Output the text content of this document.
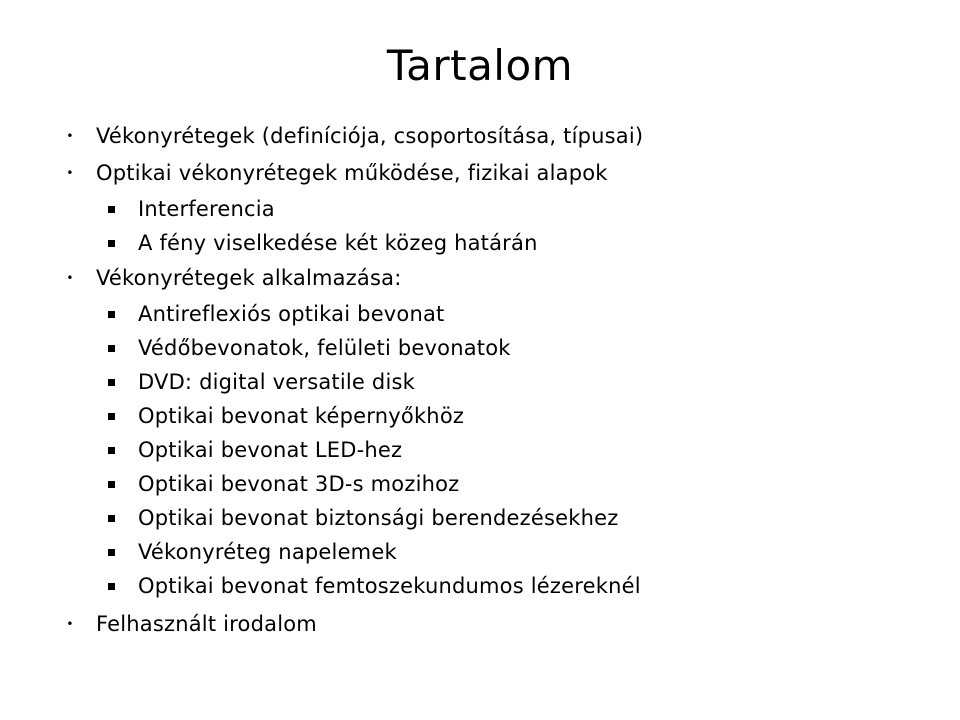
Tartalom
•	Vékonyrétegek (definíciója, csoportosítása, típusai)
•	Optikai vékonyrétegek működése, fizikai alapok
Interferencia
A fény viselkedése két közeg határán
•	Vékonyrétegek alkalmazása:
Antireflexiós optikai bevonat
Védőbevonatok, felületi bevonatok
DVD: digital versatile disk
Optikai bevonat képernyőkhöz
Optikai bevonat LED-hez
Optikai bevonat 3D-s mozihoz
Optikai bevonat biztonsági berendezésekhez
Vékonyréteg napelemek
Optikai bevonat femtoszekundumos lézereknél
•	Felhasznált irodalom
